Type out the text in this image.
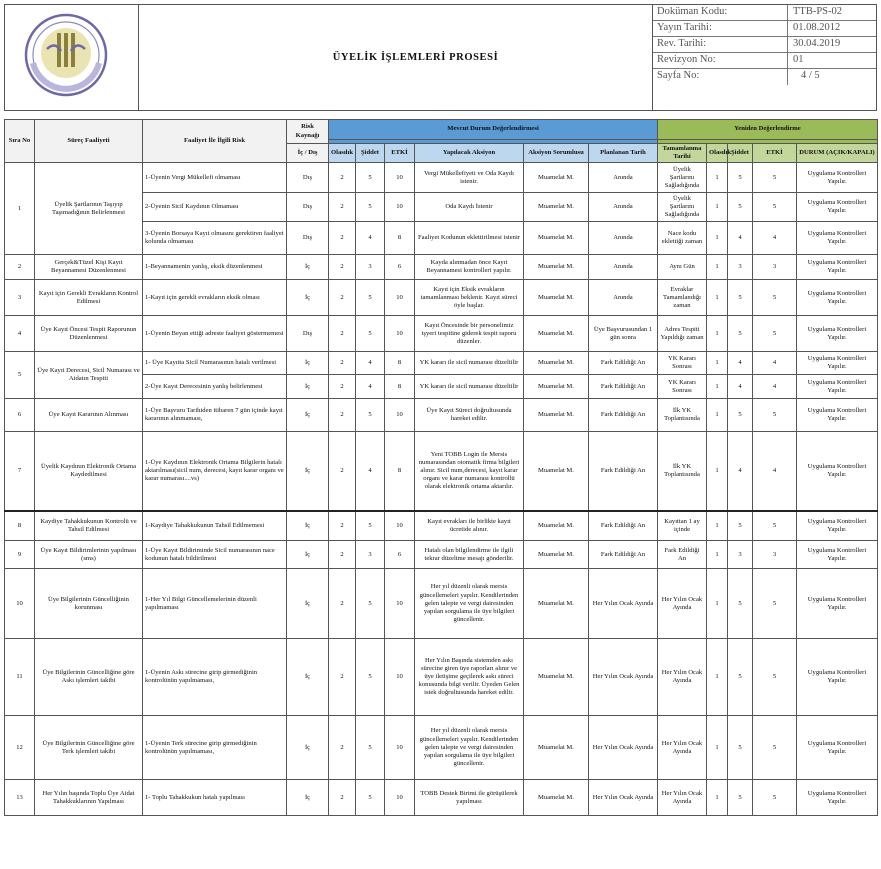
ÜYELİK İŞLEMLERİ PROSESİ
Doküman Kodu:	TTB-PS-02
Yayın Tarihi:	01.08.2012
Rev. Tarihi:	30.04.2019
Revizyon No:	01
Sayfa No:	4 / 5
Sıra No	Süreç Faaliyeti	Faaliyet İle İlgili Risk	Risk Kaynağı	Mevcut Durum Değerlendirmesi						Yeniden Değerlendirme				

			İç / Dış	Olasılık	Şiddet	ETKİ	Yapılacak Aksiyon	Aksiyon Sorumlusu	Planlanan Tarih	Tamamlanma Tarihi	Olasılık	Şiddet	ETKİ	DURUM (AÇIK/KAPALI)
1	Üyelik Şartlarının Taşıyıp Taşımadığının Belirlenmesi	1-Üyenin Vergi Mükellefi olmaması	Dış	2	5	10	Vergi Mükellefiyeti ve Oda Kaydı istenir.	Muamelat M.	Anında	Üyelik Şartlarını Sağladığında	1	5	5	Uygulama Kontrolleri Yapılır.
		2-Üyenin Sicil Kaydının Olmaması	Dış	2	5	10	Oda Kaydı İstenir	Muamelat M.	Anında	Üyelik Şartlarını Sağladığında	1	5	5	Uygulama Kontrolleri Yapılır.
		3-Üyenin Borsaya Kayıt olmasını gerektiren faaliyet kolunda olmaması	Dış	2	4	8	Faaliyet Kodunun eklettirilmesi istenir	Muamelat M.	Anında	Nace kodu eklettiği zaman	1	4	4	Uygulama Kontrolleri Yapılır.
2	Gerçek&Tüzel Kişi Kayıt Beyannamesi Düzenlenmesi	1-Beyannamenin yanlış, eksik düzenlenmesi	İç	2	3	6	Kayda alınmadan önce Kayıt Beyannamesi kontrolleri yapılır.	Muamelat M.	Anında	Aynı Gün	1	3	3	Uygulama Kontrolleri Yapılır.
3	Kayıt için Gerekli Evrakların Kontrol Edilmesi	1-Kayıt için gerekli evrakların eksik olması	İç	2	5	10	Kayıt için Eksik evrakların tamamlanması beklenir. Kayıt süreci öyle başlar.	Muamelat M.	Anında	Evraklar Tamamlandığı zaman	1	5	5	Uygulama Kontrolleri Yapılır.
4	Üye Kayıt Öncesi Tespit Raporunun Düzenlenmesi	1-Üyenin Beyan ettiği adreste faaliyet göstermemesi	Dış	2	5	10	Kayıt Öncesinde bir personelimiz işyeri tespitine giderek tespit raporu düzenler.	Muamelat M.	Üye Başvurusundan 1 gün sonra	Adres Tespiti Yapıldığı zaman	1	5	5	Uygulama Kontrolleri Yapılır.
5	Üye Kayıt Derecesi, Sicil Numarası ve Aidatın Tespiti	1- Üye Kayıtta Sicil Numarasının hatalı verilmesi	İç	2	4	8	YK kararı ile sicil numarası düzeltilir	Muamelat M.	Fark Edildiği An	YK Kararı Sonrası	1	4	4	Uygulama Kontrolleri Yapılır.
		2-Üye Kayıt Derecesinin yanlış belirlenmesi	İç	2	4	8	YK kararı ile sicil numarası düzeltilir	Muamelat M.	Fark Edildiği An	YK Kararı Sonrası	1	4	4	Uygulama Kontrolleri Yapılır.
6	Üye Kayıt Kararının Alınması	1-Üye Başvuru Tarihiden itibaren 7 gün içinde kayıt kararının alınmaması,	İç	2	5	10	Üye Kayıt Süreci doğrultusunda hareket edilir.	Muamelat M.	Fark Edildiği An	İlk YK Toplantısında	1	5	5	Uygulama Kontrolleri Yapılır.
7	Üyelik Kaydının Elektronik Ortama Kaydedilmesi	1-Üye Kaydının Elektronik Ortama Bilgilerin hatalı aktarılması(sicil num, derecesi, kayıt karar organı ve karar numarası....vs)	İç	2	4	8	Yeni TOBB Login ile Mersis numarasından otomatik firma bilgileri alınır. Sicil num,derecesi, kayıt karar organı ve karar numarası kontrollü olarak elektronik ortama aktarılır.	Muamelat M.	Fark Edildiği An	İlk YK Toplantısında	1	4	4	Uygulama Kontrolleri Yapılır.
8	Kaydiye Tahakkukunun Kontrolü ve Tahsil Edilmesi	1-Kaydiye Tahakkukunun Tahsil Edilmemesi	İç	2	5	10	Kayıt evrakları ile birlikte kayıt ücretide alınır.	Muamelat M.	Fark Edildiği An	Kayıttan 1 ay içinde	1	5	5	Uygulama Kontrolleri Yapılır.
9	Üye Kayıt Bildirimlerinin yapılması (sms)	1-Üye Kayıt Bildiriminde Sicil numarasının nace kodunun hatalı bildirilmesi	İç	2	3	6	Hatalı olan bilgilendirme ile ilgili tekrar düzeltme mesajı gönderilir.	Muamelat M.	Fark Edildiği An	Fark Edildiği An	1	3	3	Uygulama Kontrolleri Yapılır.
10	Üye Bilgilerinin Güncelliğinin korunması	1-Her Yıl Bilgi Güncellemelerinin düzenli yapılmaması	İç	2	5	10	Her yıl düzenli olarak mersis güncellemeleri yapılır. Kendilerinden gelen talepte ve vergi dairesinden yapılan sorgulama ile üye bilgileri güncellenir.	Muamelat M.	Her Yılın Ocak Ayında	Her Yılın Ocak Ayında	1	5	5	Uygulama Kontrolleri Yapılır.
11	Üye Bilgilerinin Güncelliğine göre Askı işlemleri takibi	1-Üyenin Askı sürecine girip girmediğinin kontrolünün yapılmaması,	İç	2	5	10	Her Yılın Başında sistemden askı sürecine giren üye raporları alınır ve üye iletişime geçilerek askı süreci konusunda bilgi verilir. Üyeden Gelen istek doğrultusunda hareket edilir.	Muamelat M.	Her Yılın Ocak Ayında	Her Yılın Ocak Ayında	1	5	5	Uygulama Kontrolleri Yapılır.
12	Üye Bilgilerinin Güncelliğine göre Terk işlemleri takibi	1-Üyenin Terk sürecine girip girmediğinin kontrolünün yapılmaması,	İç	2	5	10	Her yıl düzenli olarak mersis güncellemeleri yapılır. Kendilerinden gelen talepte ve vergi dairesinden yapılan sorgulama ile üye bilgileri güncellenir.	Muamelat M.	Her Yılın Ocak Ayında	Her Yılın Ocak Ayında	1	5	5	Uygulama Kontrolleri Yapılır.
13	Her Yılın başında Toplu Üye Aidat Tahakkuklarının Yapılması	1- Toplu Tahakkukun hatalı yapılması	İç	2	5	10	TOBB Destek Birimi ile görüşülerek yapılması	Muamelat M.	Her Yılın Ocak Ayında	Her Yılın Ocak Ayında	1	5	5	Uygulama Kontrolleri Yapılır.
